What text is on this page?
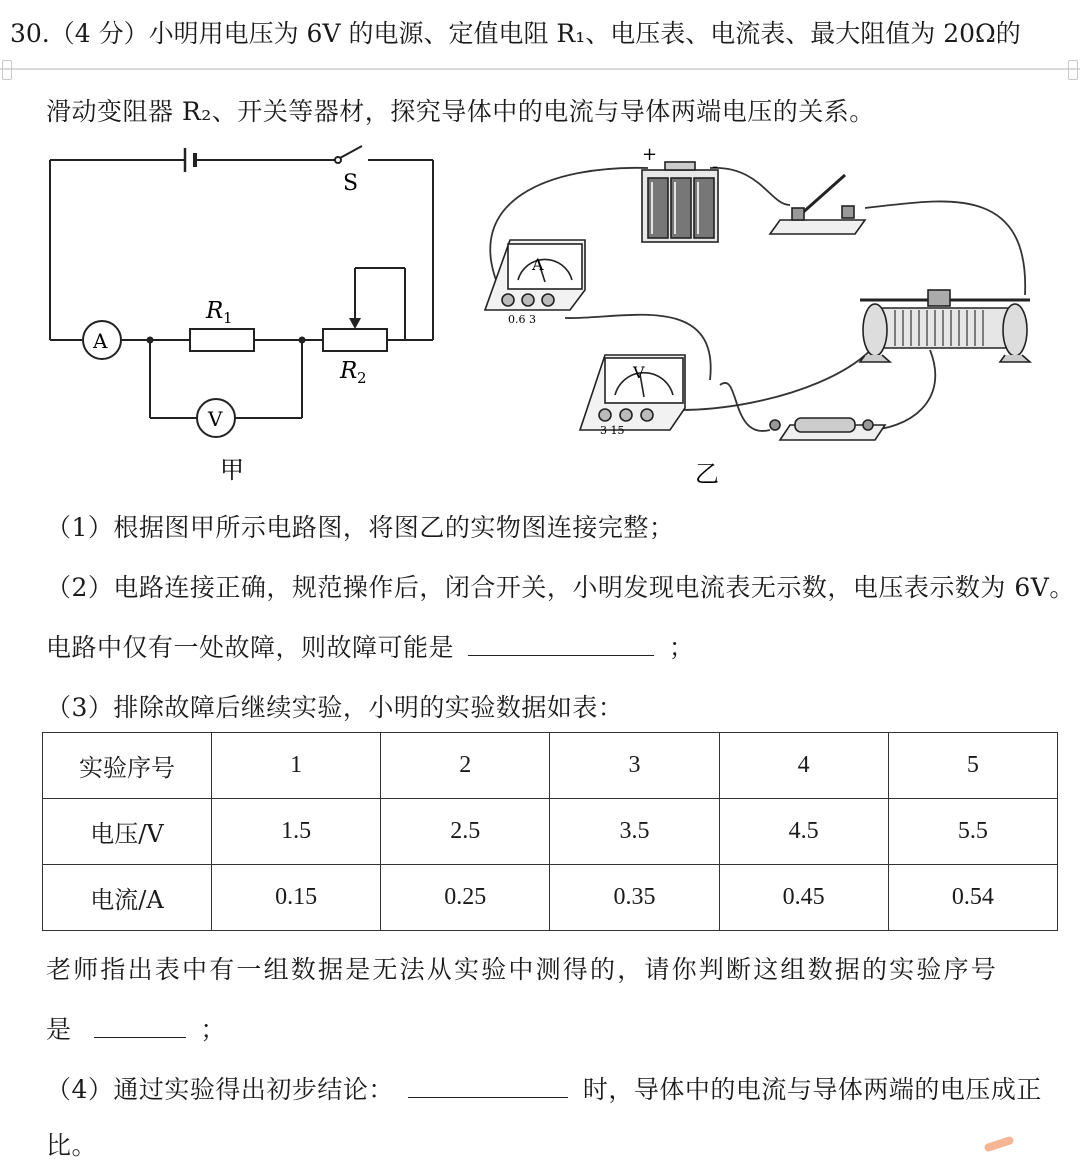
30.（4 分）小明用电压为 6V 的电源、定值电阻 R₁、电压表、电流表、最大阻值为 20Ω的
滑动变阻器 R₂、开关等器材，探究导体中的电流与导体两端电压的关系。
S
A
V
R 1
R 2
甲
+
-
A
0.6 3
V
3 15
乙
（1）根据图甲所示电路图，将图乙的实物图连接完整；
（2）电路连接正确，规范操作后，闭合开关，小明发现电流表无示数，电压表示数为 6V。
电路中仅有一处故障，则故障可能是	；
（3）排除故障后继续实验，小明的实验数据如表：
实验序号	1	2	3	4	5
电压/V	1.5	2.5	3.5	4.5	5.5
电流/A	0.15	0.25	0.35	0.45	0.54
老师指出表中有一组数据是无法从实验中测得的，请你判断这组数据的实验序号
是	；
（4）通过实验得出初步结论：	时，导体中的电流与导体两端的电压成正
比。
